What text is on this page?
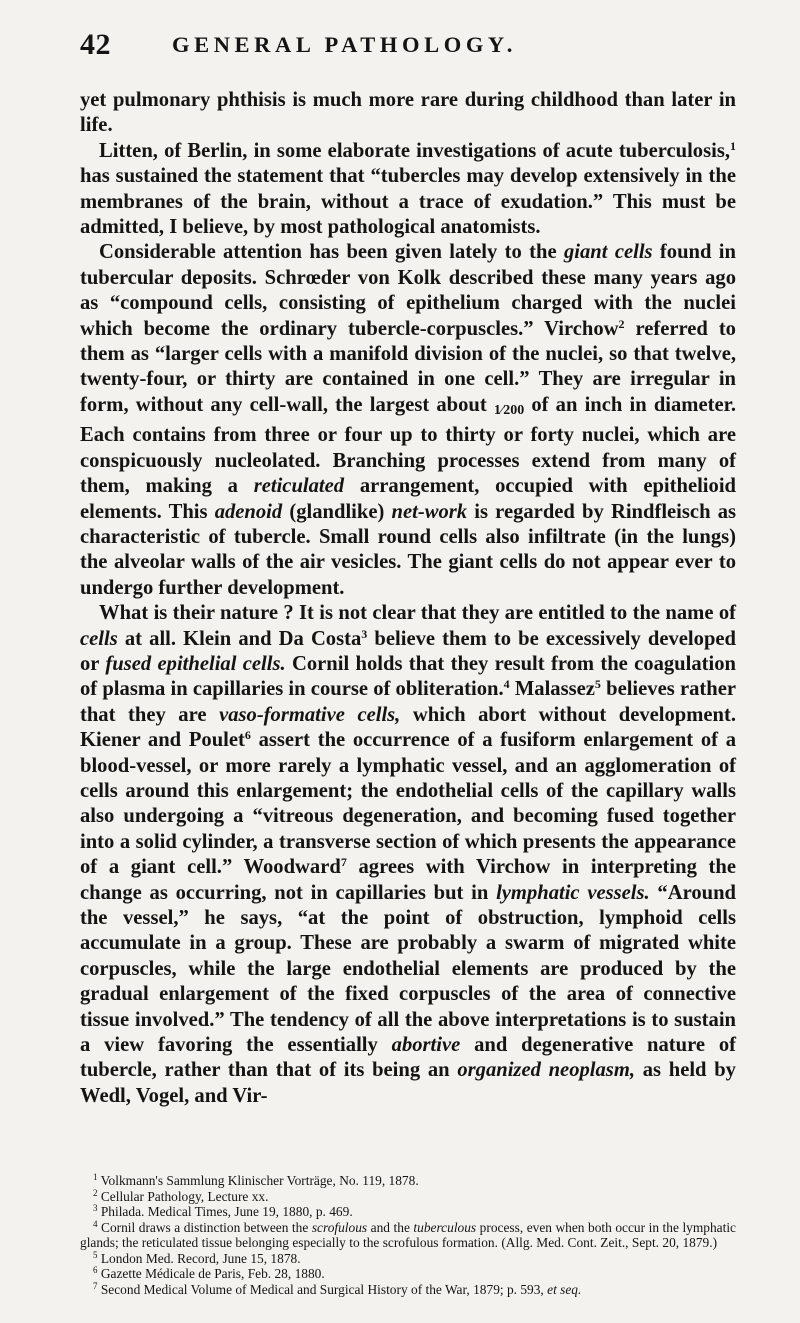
42	GENERAL PATHOLOGY.

yet pulmonary phthisis is much more rare during childhood than later in life.

Litten, of Berlin, in some elaborate investigations of acute tuberculosis,$^1$ has sustained the statement that “tubercles may develop extensively in the membranes of the brain, without a trace of exudation.” This must be admitted, I believe, by most pathological anatomists.

Considerable attention has been given lately to the giant cells found in tubercular deposits. Schrœder von Kolk described these many years ago as “compound cells, consisting of epithelium charged with the nuclei which become the ordinary tubercle-corpuscles.” Virchow$^2$ referred to them as “larger cells with a manifold division of the nuclei, so that twelve, twenty-four, or thirty are contained in one cell.” They are irregular in form, without any cell-wall, the largest about 1⁄200 of an inch in diameter. Each contains from three or four up to thirty or forty nuclei, which are conspicuously nucleolated. Branching processes extend from many of them, making a reticulated arrangement, occupied with epithelioid elements. This adenoid (glandlike) net-work is regarded by Rindfleisch as characteristic of tubercle. Small round cells also infiltrate (in the lungs) the alveolar walls of the air vesicles. The giant cells do not appear ever to undergo further development.

What is their nature ? It is not clear that they are entitled to the name of cells at all. Klein and Da Costa$^3$ believe them to be excessively developed or fused epithelial cells. Cornil holds that they result from the coagulation of plasma in capillaries in course of obliteration.$^4$ Malassez$^5$ believes rather that they are vaso-formative cells, which abort without development. Kiener and Poulet$^6$ assert the occurrence of a fusiform enlargement of a blood-vessel, or more rarely a lymphatic vessel, and an agglomeration of cells around this enlargement; the endothelial cells of the capillary walls also undergoing a “vitreous degeneration, and becoming fused together into a solid cylinder, a transverse section of which presents the appearance of a giant cell.” Woodward$^7$ agrees with Virchow in interpreting the change as occurring, not in capillaries but in lymphatic vessels. “Around the vessel,” he says, “at the point of obstruction, lymphoid cells accumulate in a group. These are probably a swarm of migrated white corpuscles, while the large endothelial elements are produced by the gradual enlargement of the fixed corpuscles of the area of connective tissue involved.” The tendency of all the above interpretations is to sustain a view favoring the essentially abortive and degenerative nature of tubercle, rather than that of its being an organized neoplasm, as held by Wedl, Vogel, and Vir-

$^1$ Volkmann's Sammlung Klinischer Vorträge, No. 119, 1878.

$^2$ Cellular Pathology, Lecture xx.

$^3$ Philada. Medical Times, June 19, 1880, p. 469.

$^4$ Cornil draws a distinction between the scrofulous and the tuberculous process, even when both occur in the lymphatic glands; the reticulated tissue belonging especially to the scrofulous formation. (Allg. Med. Cont. Zeit., Sept. 20, 1879.)

$^5$ London Med. Record, June 15, 1878.

$^6$ Gazette Médicale de Paris, Feb. 28, 1880.

$^7$ Second Medical Volume of Medical and Surgical History of the War, 1879; p. 593, et seq.
